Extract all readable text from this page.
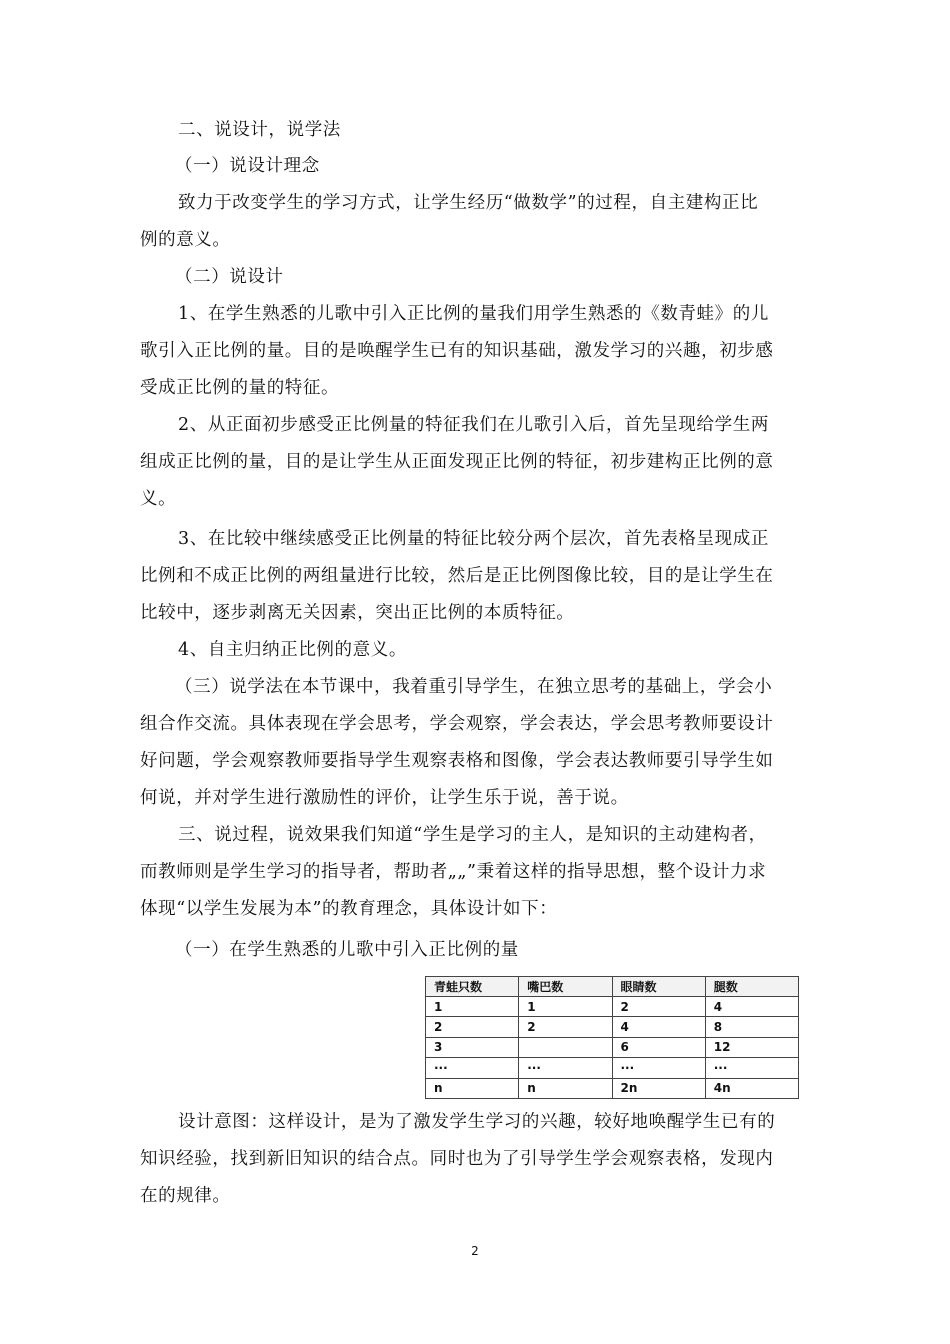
二、说设计，说学法
（一）说设计理念
致力于改变学生的学习方式，让学生经历“做数学”的过程，自主建构正比
例的意义。
（二）说设计
1、在学生熟悉的儿歌中引入正比例的量我们用学生熟悉的《数青蛙》的儿
歌引入正比例的量。目的是唤醒学生已有的知识基础，激发学习的兴趣，初步感
受成正比例的量的特征。
2、从正面初步感受正比例量的特征我们在儿歌引入后，首先呈现给学生两
组成正比例的量，目的是让学生从正面发现正比例的特征，初步建构正比例的意
义。
3、在比较中继续感受正比例量的特征比较分两个层次，首先表格呈现成正
比例和不成正比例的两组量进行比较，然后是正比例图像比较，目的是让学生在
比较中，逐步剥离无关因素，突出正比例的本质特征。
4、自主归纳正比例的意义。
（三）说学法在本节课中，我着重引导学生，在独立思考的基础上，学会小
组合作交流。具体表现在学会思考，学会观察，学会表达，学会思考教师要设计
好问题，学会观察教师要指导学生观察表格和图像，学会表达教师要引导学生如
何说，并对学生进行激励性的评价，让学生乐于说，善于说。
三、说过程，说效果我们知道“学生是学习的主人，是知识的主动建构者，
而教师则是学生学习的指导者，帮助者„„”秉着这样的指导思想，整个设计力求
体现“以学生发展为本”的教育理念，具体设计如下：
（一）在学生熟悉的儿歌中引入正比例的量
青蛙只数	嘴巴数	眼睛数	腿数
1	1	2	4
2	2	4	8
3		6	12
···	···	···	···
n	n	2n	4n
设计意图：这样设计，是为了激发学生学习的兴趣，较好地唤醒学生已有的
知识经验，找到新旧知识的结合点。同时也为了引导学生学会观察表格，发现内
在的规律。
2
